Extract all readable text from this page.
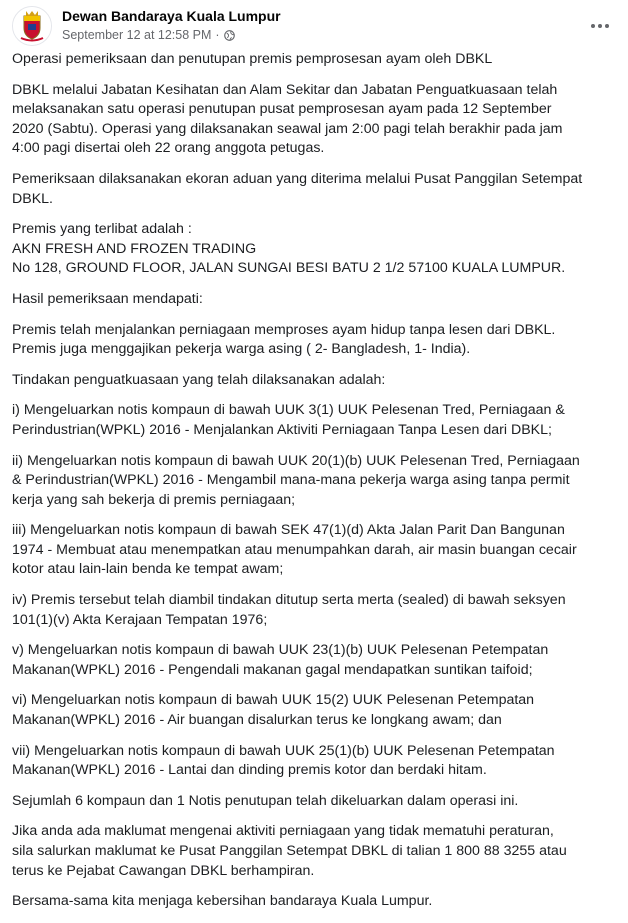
Dewan Bandaraya Kuala Lumpur
September 12 at 12:58 PM ·

Operasi pemeriksaan dan penutupan premis pemprosesan ayam oleh DBKL

DBKL melalui Jabatan Kesihatan dan Alam Sekitar dan Jabatan Penguatkuasaan telah
melaksanakan satu operasi penutupan pusat pemprosesan ayam pada 12 September
2020 (Sabtu). Operasi yang dilaksanakan seawal jam 2:00 pagi telah berakhir pada jam
4:00 pagi disertai oleh 22 orang anggota petugas.

Pemeriksaan dilaksanakan ekoran aduan yang diterima melalui Pusat Panggilan Setempat
DBKL.

Premis yang terlibat adalah :
AKN FRESH AND FROZEN TRADING
No 128, GROUND FLOOR, JALAN SUNGAI BESI BATU 2 1/2 57100 KUALA LUMPUR.

Hasil pemeriksaan mendapati:

Premis telah menjalankan perniagaan memproses ayam hidup tanpa lesen dari DBKL.
Premis juga menggajikan pekerja warga asing ( 2- Bangladesh, 1- India).

Tindakan penguatkuasaan yang telah dilaksanakan adalah:

i) Mengeluarkan notis kompaun di bawah UUK 3(1) UUK Pelesenan Tred, Perniagaan &
Perindustrian(WPKL) 2016 - Menjalankan Aktiviti Perniagaan Tanpa Lesen dari DBKL;

ii) Mengeluarkan notis kompaun di bawah UUK 20(1)(b) UUK Pelesenan Tred, Perniagaan
& Perindustrian(WPKL) 2016 - Mengambil mana-mana pekerja warga asing tanpa permit
kerja yang sah bekerja di premis perniagaan;

iii) Mengeluarkan notis kompaun di bawah SEK 47(1)(d) Akta Jalan Parit Dan Bangunan
1974 - Membuat atau menempatkan atau menumpahkan darah, air masin buangan cecair
kotor atau lain-lain benda ke tempat awam;

iv) Premis tersebut telah diambil tindakan ditutup serta merta (sealed) di bawah seksyen
101(1)(v) Akta Kerajaan Tempatan 1976;

v) Mengeluarkan notis kompaun di bawah UUK 23(1)(b) UUK Pelesenan Petempatan
Makanan(WPKL) 2016 - Pengendali makanan gagal mendapatkan suntikan taifoid;

vi) Mengeluarkan notis kompaun di bawah UUK 15(2) UUK Pelesenan Petempatan
Makanan(WPKL) 2016 - Air buangan disalurkan terus ke longkang awam; dan

vii) Mengeluarkan notis kompaun di bawah UUK 25(1)(b) UUK Pelesenan Petempatan
Makanan(WPKL) 2016 - Lantai dan dinding premis kotor dan berdaki hitam.

Sejumlah 6 kompaun dan 1 Notis penutupan telah dikeluarkan dalam operasi ini.

Jika anda ada maklumat mengenai aktiviti perniagaan yang tidak mematuhi peraturan,
sila salurkan maklumat ke Pusat Panggilan Setempat DBKL di talian 1 800 88 3255 atau
terus ke Pejabat Cawangan DBKL berhampiran.

Bersama-sama kita menjaga kebersihan bandaraya Kuala Lumpur.
